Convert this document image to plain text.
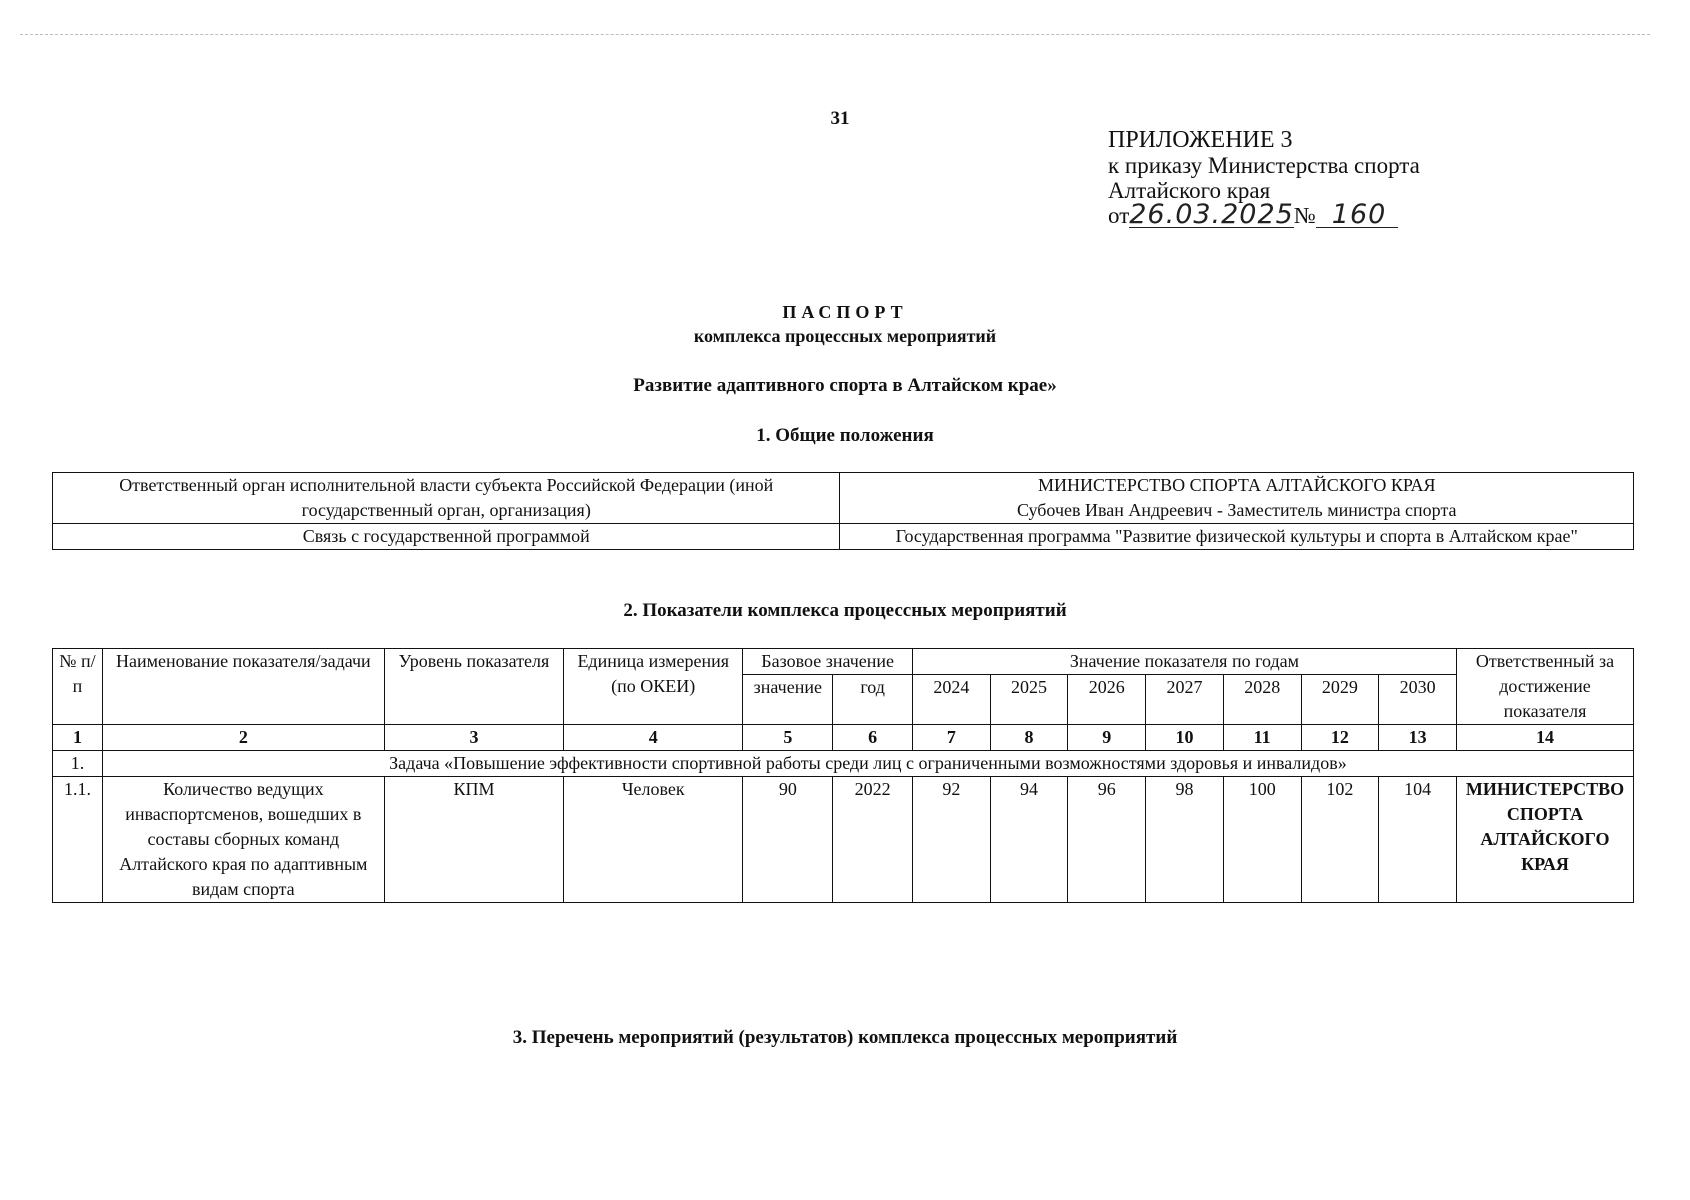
31
ПРИЛОЖЕНИЕ 3
к приказу Министерства спорта
Алтайского края
от26.03.2025№ 160
ПАСПОРТ
комплекса процессных мероприятий
Развитие адаптивного спорта в Алтайском крае»
1. Общие положения
Ответственный орган исполнительной власти субъекта Российской Федерации (иной государственный орган, организация)	МИНИСТЕРСТВО СПОРТА АЛТАЙСКОГО КРАЯ
Субочев Иван Андреевич - Заместитель министра спорта

Связь с государственной программой	Государственная программа "Развитие физической культуры и спорта в Алтайском крае"
2. Показатели комплекса процессных мероприятий
№ п/п	Наименование показателя/задачи	Уровень показателя	Единица измерения (по ОКЕИ)	Базовое значение		Значение показателя по годам							Ответственный за достижение показателя
				значение	год	2024	2025	2026	2027	2028	2029	2030	
1	2	3	4	5	6	7	8	9	10	11	12	13	14
1.	Задача «Повышение эффективности спортивной работы среди лиц с ограниченными возможностями здоровья и инвалидов»												
1.1.	Количество ведущих инваспортсменов, вошедших в составы сборных команд Алтайского края по адаптивным видам спорта	КПМ	Человек	90	2022	92	94	96	98	100	102	104	МИНИСТЕРСТВО СПОРТА АЛТАЙСКОГО КРАЯ
3. Перечень мероприятий (результатов) комплекса процессных мероприятий
